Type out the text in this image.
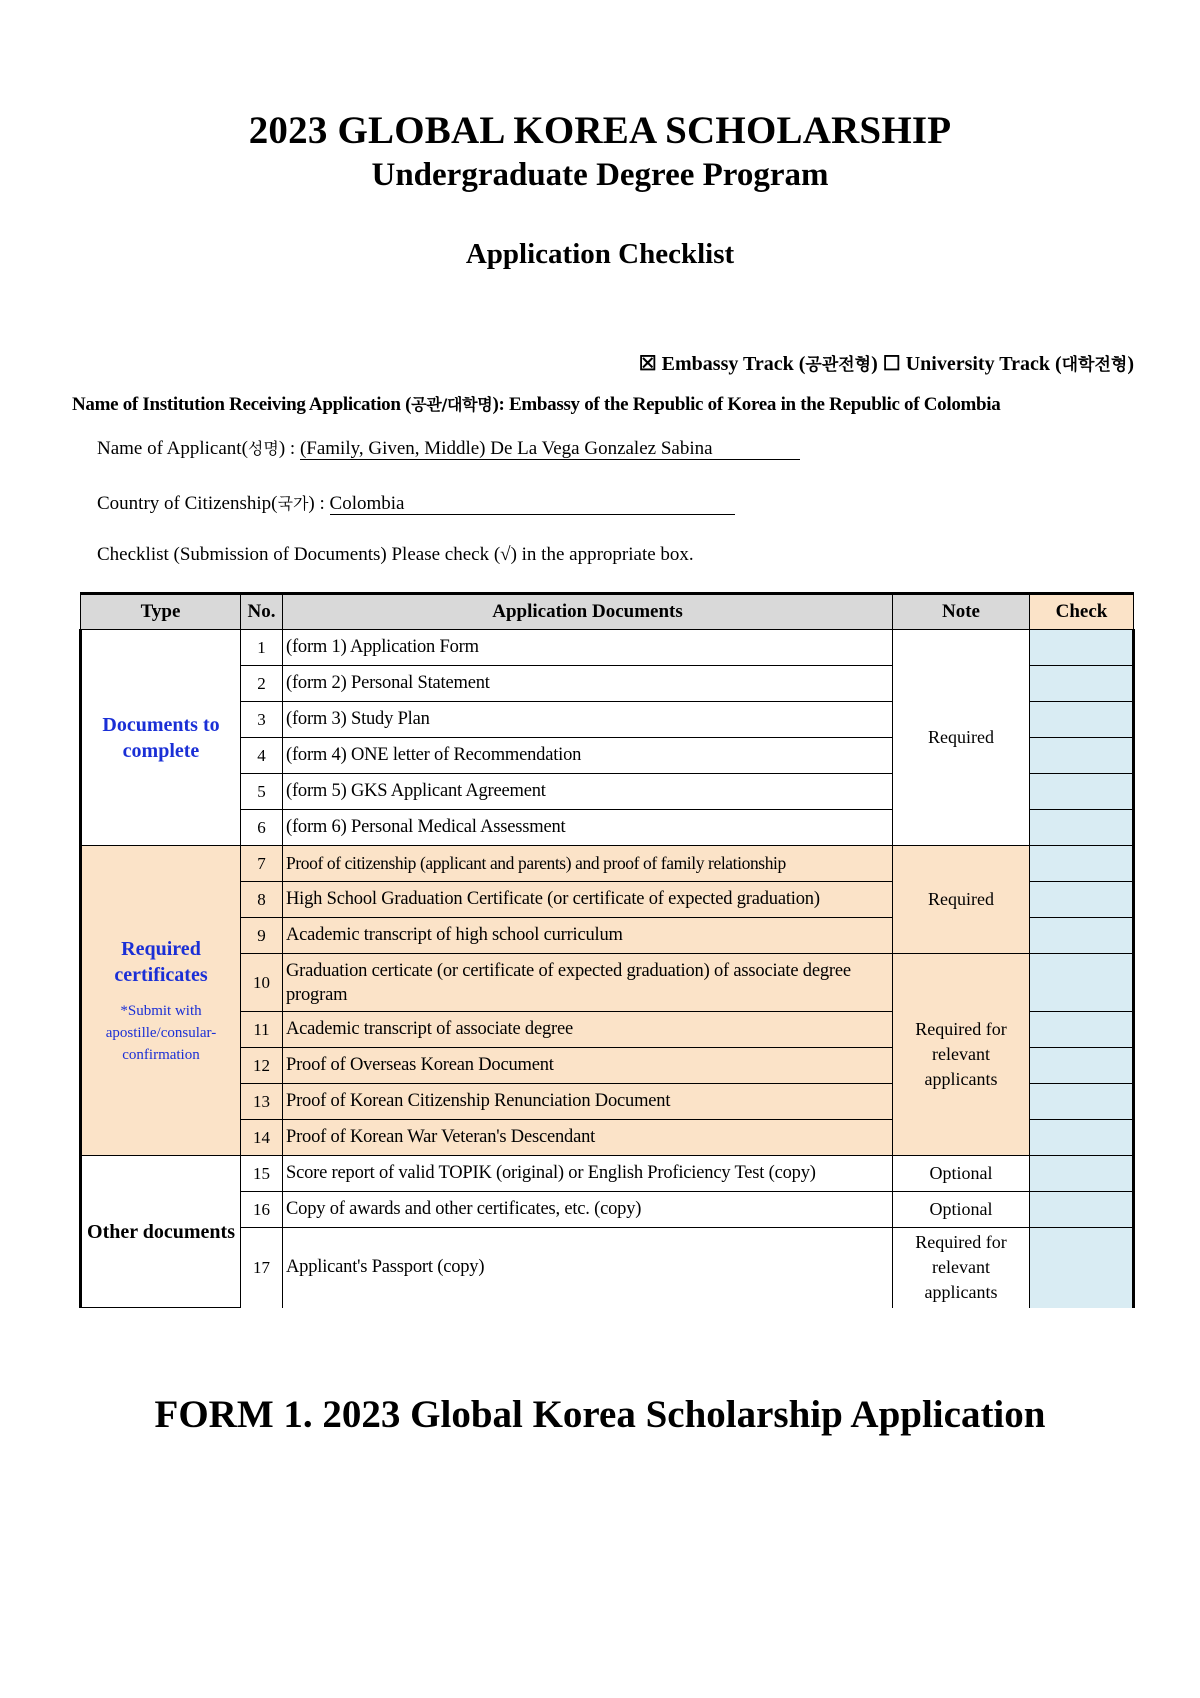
2023 GLOBAL KOREA SCHOLARSHIP
Undergraduate Degree Program
Application Checklist
☒ Embassy Track (공관전형) ☐ University Track (대학전형)
Name of Institution Receiving Application (공관/대학명): Embassy of the Republic of Korea in the Republic of Colombia
Name of Applicant(성명) : (Family, Given, Middle) De La Vega Gonzalez Sabina
Country of Citizenship(국가) : Colombia
Checklist (Submission of Documents) Please check (√) in the appropriate box.
Type	No.	Application Documents	Note	Check
Documents to complete	1	(form 1) Application Form	Required	
	2	(form 2) Personal Statement		
	3	(form 3) Study Plan		
	4	(form 4) ONE letter of Recommendation		
	5	(form 5) GKS Applicant Agreement		
	6	(form 6) Personal Medical Assessment		
Required certificates
*Submit with apostille/consular-confirmation	7	Proof of citizenship (applicant and parents) and proof of family relationship	Required	
	8	High School Graduation Certificate (or certificate of expected graduation)		
	9	Academic transcript of high school curriculum		
	10	Graduation certicate (or certificate of expected graduation) of associate degree program	Required for relevant applicants	
	11	Academic transcript of associate degree		
	12	Proof of Overseas Korean Document		
	13	Proof of Korean Citizenship Renunciation Document		
	14	Proof of Korean War Veteran's Descendant		
Other documents	15	Score report of valid TOPIK (original) or English Proficiency Test (copy)	Optional	
	16	Copy of awards and other certificates, etc. (copy)	Optional	
	17	Applicant's Passport (copy)	Required for relevant applicants	
FORM 1. 2023 Global Korea Scholarship Application
